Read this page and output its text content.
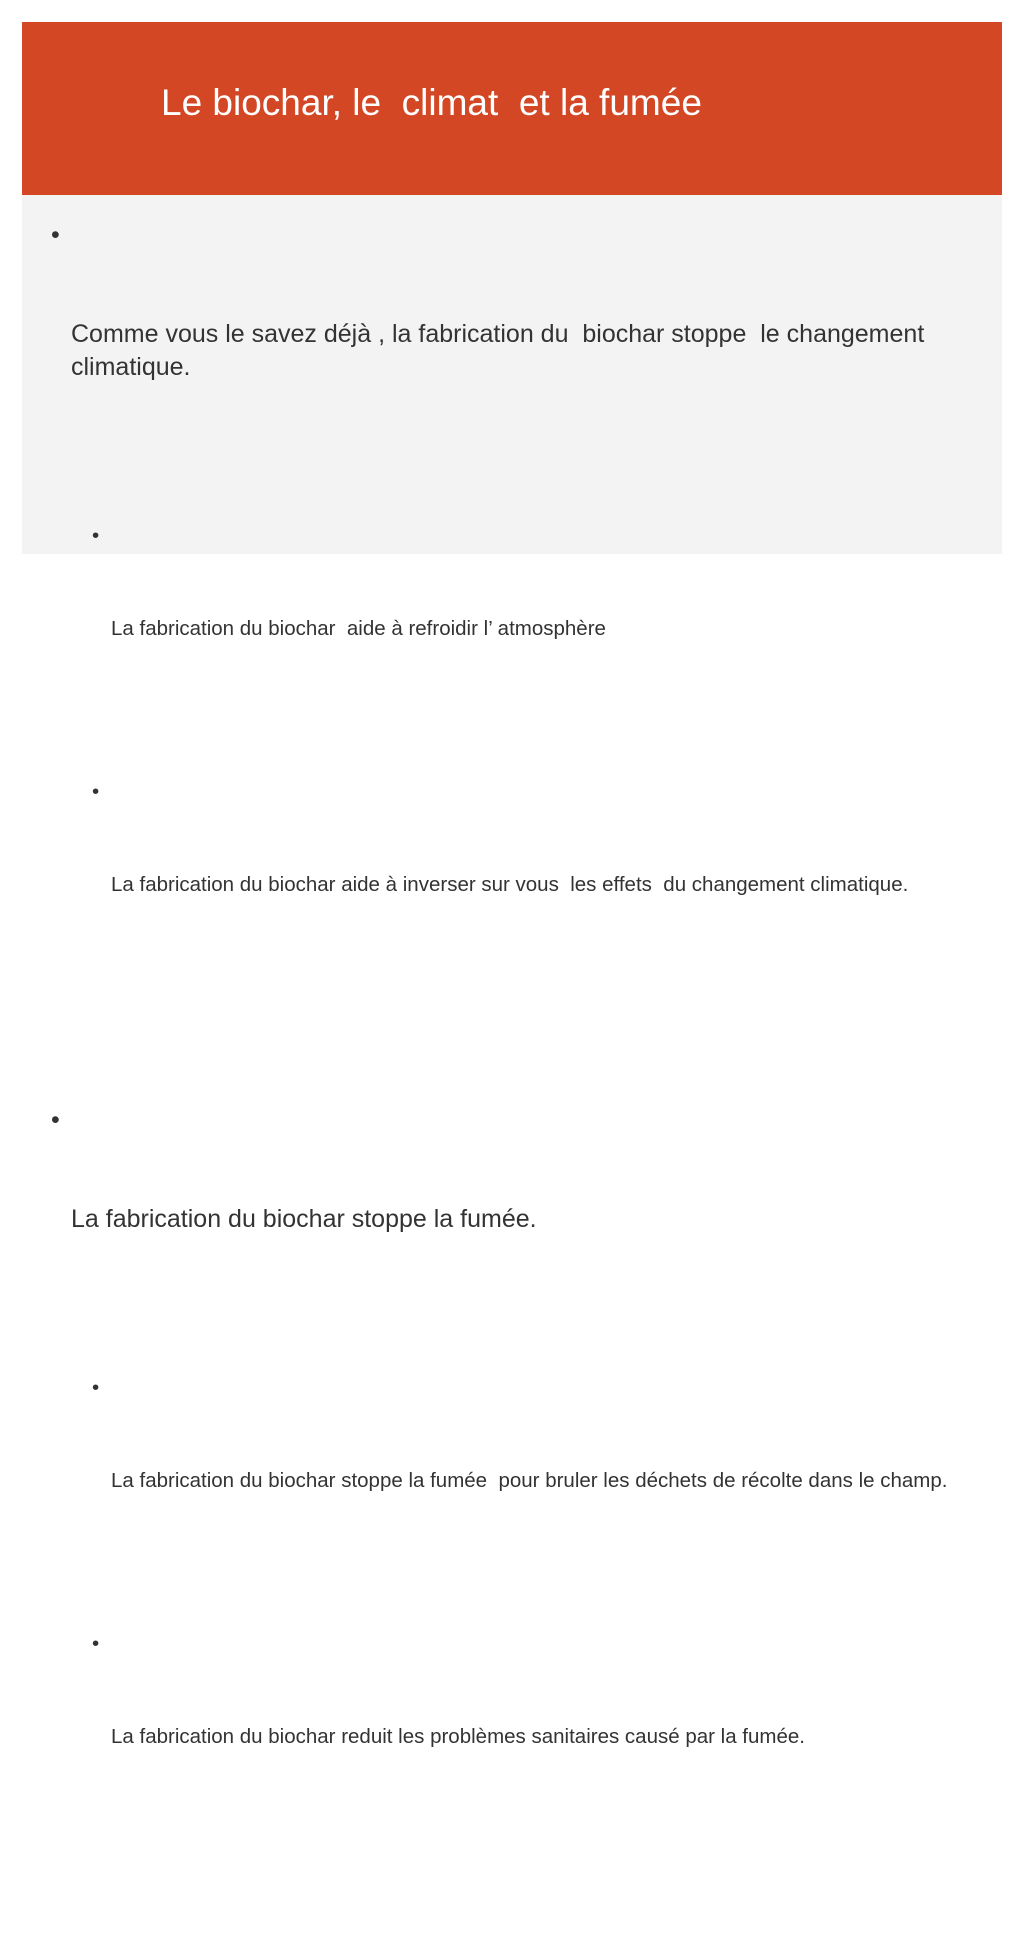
Le biochar, le  climat  et la fumée

•

Comme vous le savez déjà , la fabrication du  biochar stoppe  le changement climatique.

•

La fabrication du biochar  aide à refroidir l’ atmosphère

•

La fabrication du biochar aide à inverser sur vous  les effets  du changement climatique.

•

La fabrication du biochar stoppe la fumée.

•

La fabrication du biochar stoppe la fumée  pour bruler les déchets de récolte dans le champ.

•

La fabrication du biochar reduit les problèmes sanitaires causé par la fumée.
